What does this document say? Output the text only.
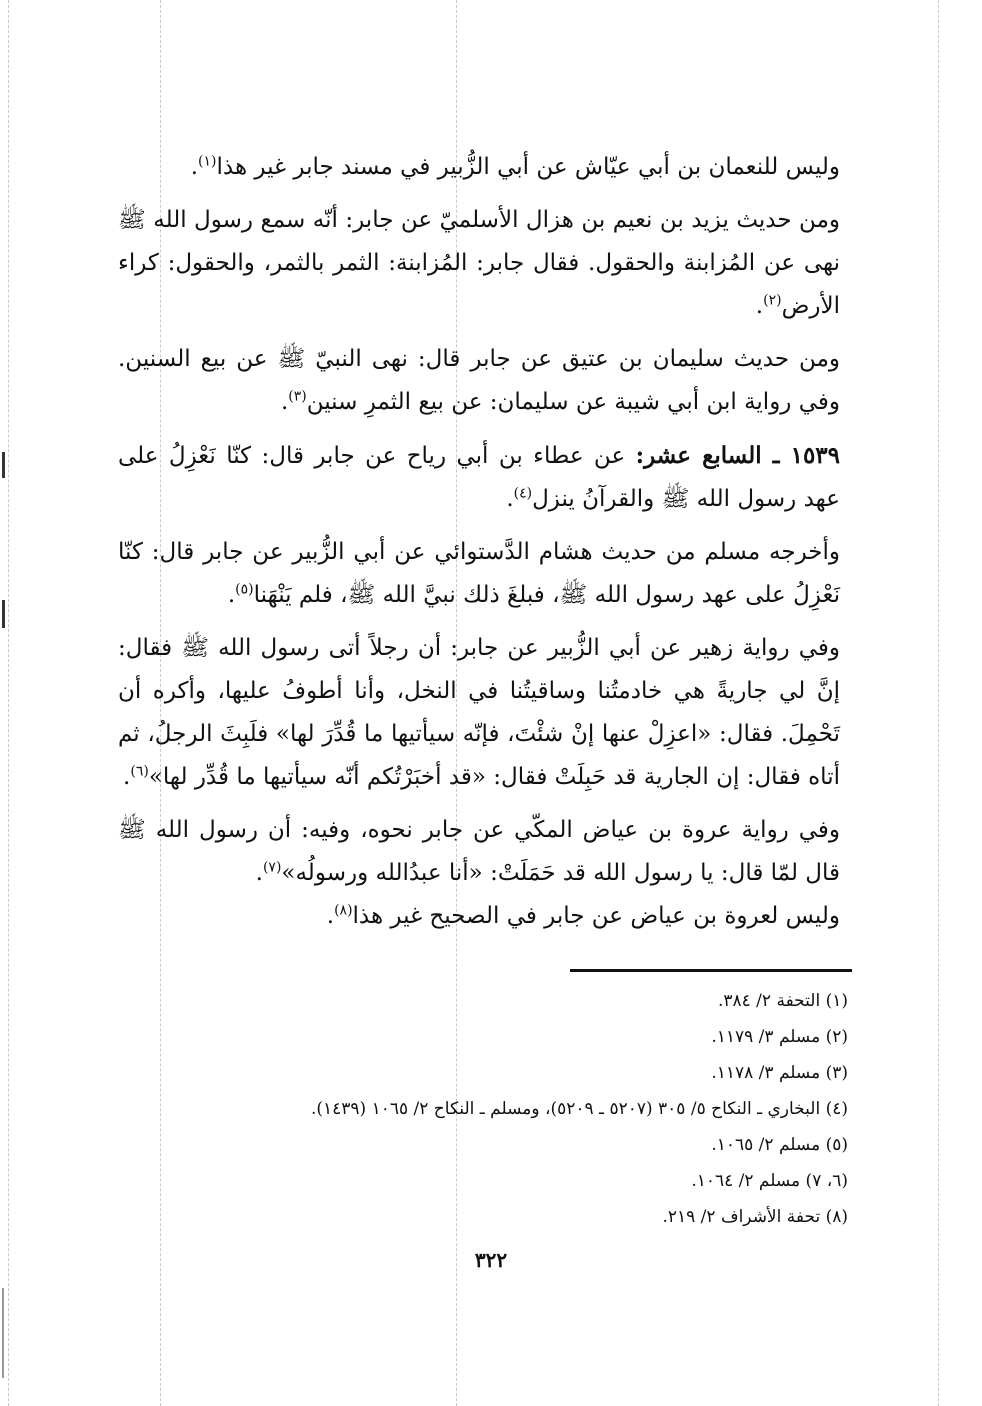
وليس للنعمان بن أبي عيّاش عن أبي الزُّبير في مسند جابر غير هذا$^{(١)}$.

ومن حديث يزيد بن نعيم بن هزال الأسلميّ عن جابر: أنّه سمع رسول الله ﷺ نهى عن المُزابنة والحقول. فقال جابر: المُزابنة: الثمر بالثمر، والحقول: كراء الأرض$^{(٢)}$.

ومن حديث سليمان بن عتيق عن جابر قال: نهى النبيّ ﷺ عن بيع السنين. وفي رواية ابن أبي شيبة عن سليمان: عن بيع الثمرِ سنين$^{(٣)}$.

١٥٣٩ ـ السابع عشر: عن عطاء بن أبي رياح عن جابر قال: كنّا نَعْزِلُ على عهد رسول الله ﷺ والقرآنُ ينزل$^{(٤)}$.

وأخرجه مسلم من حديث هشام الدَّستوائي عن أبي الزُّبير عن جابر قال: كنّا نَعْزِلُ على عهد رسول الله ﷺ، فبلغَ ذلك نبيَّ الله ﷺ، فلم يَنْهَنا$^{(٥)}$.

وفي رواية زهير عن أبي الزُّبير عن جابر: أن رجلاً أتى رسول الله ﷺ فقال: إنَّ لي جاريةً هي خادمتُنا وساقيتُنا في النخل، وأنا أطوفُ عليها، وأكره أن تَحْمِلَ. فقال: «اعزِلْ عنها إنْ شئْتَ، فإنّه سيأتيها ما قُدِّرَ لها» فلَبِثَ الرجلُ، ثم أتاه فقال: إن الجارية قد حَبِلَتْ فقال: «قد أخبَرْتُكم أنّه سيأتيها ما قُدِّر لها»$^{(٦)}$.

وفي رواية عروة بن عياض المكّي عن جابر نحوه، وفيه: أن رسول الله ﷺ قال لمّا قال: يا رسول الله قد حَمَلَتْ: «أنا عبدُالله ورسولُه»$^{(٧)}$.

وليس لعروة بن عياض عن جابر في الصحيح غير هذا$^{(٨)}$.

(١) التحفة ٢/ ٣٨٤.
(٢) مسلم ٣/ ١١٧٩.
(٣) مسلم ٣/ ١١٧٨.
(٤) البخاري ـ النكاح ٥/ ٣٠٥ (٥٢٠٧ ـ ٥٢٠٩)، ومسلم ـ النكاح ٢/ ١٠٦٥ (١٤٣٩).
(٥) مسلم ٢/ ١٠٦٥.
(٦، ٧) مسلم ٢/ ١٠٦٤.
(٨) تحفة الأشراف ٢/ ٢١٩.
٣٢٢
